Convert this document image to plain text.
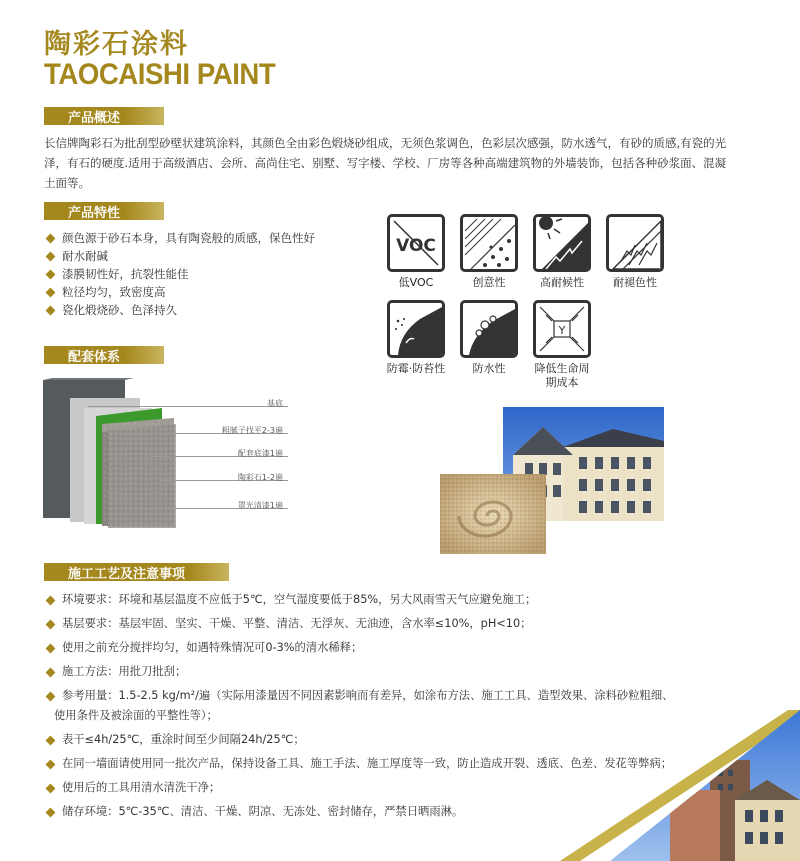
陶彩石涂料
TAOCAISHI PAINT
产品概述
长信牌陶彩石为批刮型砂壁状建筑涂料，其颜色全由彩色煅烧砂组成，无须色浆调色，色彩层次感强，防水透气，有砂的质感,有瓷的光泽，有石的硬度.适用于高级酒店、会所、高尚住宅、别墅、写字楼、学校、厂房等各种高端建筑物的外墙装饰，包括各种砂浆面、混凝土面等。
产品特性
颜色源于砂石本身，具有陶瓷般的质感，保色性好
耐水耐碱
漆膜韧性好，抗裂性能佳
粒径均匀，致密度高
瓷化煅烧砂、色泽持久
VOC
低VOC	创意性	高耐候性	耐褪色性
防霉·防苔性	防水性
Y
降低生命周期成本
配套体系
基底
粗腻子找平2-3遍
配套底漆1遍
陶彩石1-2遍
罩光清漆1遍
施工工艺及注意事项
环境要求：环境和基层温度不应低于5℃，空气湿度要低于85%，另大风雨雪天气应避免施工；
基层要求：基层牢固、坚实、干燥、平整、清洁、无浮灰、无油迹，含水率≤10%，pH<10；
使用之前充分搅拌均匀，如遇特殊情况可0-3%的清水稀释；
施工方法：用批刀批刮；
参考用量：1.5-2.5 kg/m²/遍（实际用漆量因不同因素影响而有差异，如涂布方法、施工工具、造型效果、涂料砂粒粗细、
使用条件及被涂面的平整性等）；
表干≤4h/25℃，重涂时间至少间隔24h/25℃；
在同一墙面请使用同一批次产品，保持设备工具、施工手法、施工厚度等一致，防止造成开裂、透底、色差、发花等弊病；
使用后的工具用清水清洗干净；
储存环境：5℃-35℃、清洁、干燥、阴凉、无冻处、密封储存，严禁日晒雨淋。
